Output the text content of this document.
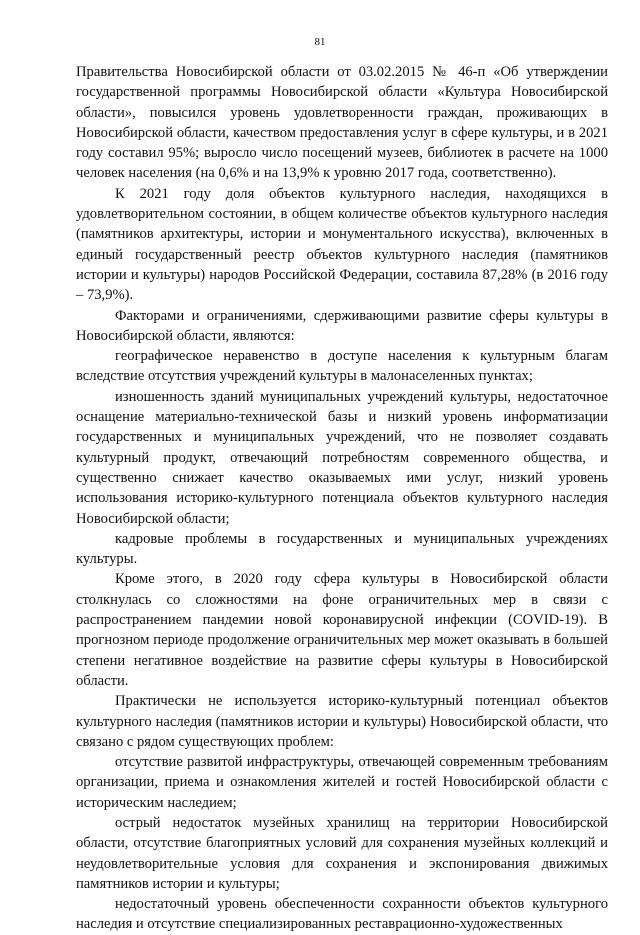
81

Правительства Новосибирской области от 03.02.2015 № 46-п «Об утверждении государственной программы Новосибирской области «Культура Новосибирской области», повысился уровень удовлетворенности граждан, проживающих в Новосибирской области, качеством предоставления услуг в сфере культуры, и в 2021 году составил 95%; выросло число посещений музеев, библиотек в расчете на 1000 человек населения (на 0,6% и на 13,9% к уровню 2017 года, соответственно).

К 2021 году доля объектов культурного наследия, находящихся в удовлетворительном состоянии, в общем количестве объектов культурного наследия (памятников архитектуры, истории и монументального искусства), включенных в единый государственный реестр объектов культурного наследия (памятников истории и культуры) народов Российской Федерации, составила 87,28% (в 2016 году – 73,9%).

Факторами и ограничениями, сдерживающими развитие сферы культуры в Новосибирской области, являются:

географическое неравенство в доступе населения к культурным благам вследствие отсутствия учреждений культуры в малонаселенных пунктах;

изношенность зданий муниципальных учреждений культуры, недостаточное оснащение материально-технической базы и низкий уровень информатизации государственных и муниципальных учреждений, что не позволяет создавать культурный продукт, отвечающий потребностям современного общества, и существенно снижает качество оказываемых ими услуг, низкий уровень использования историко-культурного потенциала объектов культурного наследия Новосибирской области;

кадровые проблемы в государственных и муниципальных учреждениях культуры.

Кроме этого, в 2020 году сфера культуры в Новосибирской области столкнулась со сложностями на фоне ограничительных мер в связи с распространением пандемии новой коронавирусной инфекции (COVID-19). В прогнозном периоде продолжение ограничительных мер может оказывать в большей степени негативное воздействие на развитие сферы культуры в Новосибирской области.

Практически не используется историко-культурный потенциал объектов культурного наследия (памятников истории и культуры) Новосибирской области, что связано с рядом существующих проблем:

отсутствие развитой инфраструктуры, отвечающей современным требованиям организации, приема и ознакомления жителей и гостей Новосибирской области с историческим наследием;

острый недостаток музейных хранилищ на территории Новосибирской области, отсутствие благоприятных условий для сохранения музейных коллекций и неудовлетворительные условия для сохранения и экспонирования движимых памятников истории и культуры;

недостаточный уровень обеспеченности сохранности объектов культурного наследия и отсутствие специализированных реставрационно-художественных
